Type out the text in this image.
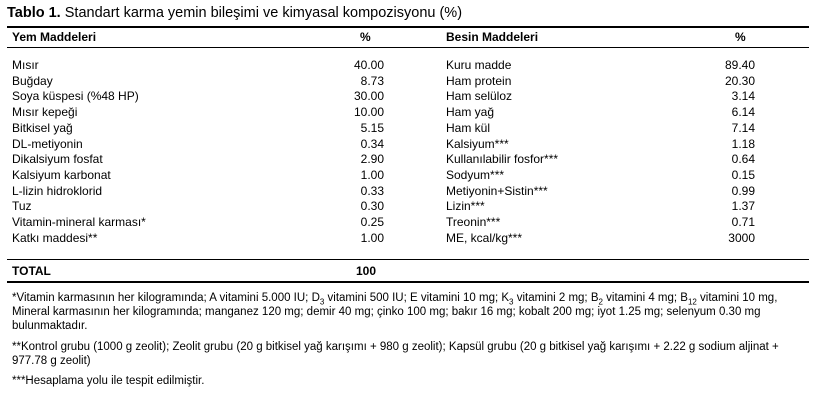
Tablo 1. Standart karma yemin bileşimi ve kimyasal kompozisyonu (%)
Yem Maddeleri	%	Besin Maddeleri	%
Mısır	40.00	Kuru madde	89.40
Buğday	8.73	Ham protein	20.30
Soya küspesi (%48 HP)	30.00	Ham selüloz	3.14
Mısır kepeği	10.00	Ham yağ	6.14
Bitkisel yağ	5.15	Ham kül	7.14
DL-metiyonin	0.34	Kalsiyum***	1.18
Dikalsiyum fosfat	2.90	Kullanılabilir fosfor***	0.64
Kalsiyum karbonat	1.00	Sodyum***	0.15
L-lizin hidroklorid	0.33	Metiyonin+Sistin***	0.99
Tuz	0.30	Lizin***	1.37
Vitamin-mineral karması*	0.25	Treonin***	0.71
Katkı maddesi**	1.00	ME, kcal/kg***	3000
TOTAL	100
*Vitamin karmasının her kilogramında; A vitamini 5.000 IU; $D_3$ vitamini 500 IU; E vitamini 10 mg; $K_3$ vitamini 2 mg; $B_2$ vitamini 4 mg; $B_{12}$ vitamini 10 mg, Mineral karmasının her kilogramında; manganez 120 mg; demir 40 mg; çinko 100 mg; bakır 16 mg; kobalt 200 mg; iyot 1.25 mg; selenyum 0.30 mg bulunmaktadır.
**Kontrol grubu (1000 g zeolit); Zeolit grubu (20 g bitkisel yağ karışımı + 980 g zeolit); Kapsül grubu (20 g bitkisel yağ karışımı + 2.22 g sodium aljinat + 977.78 g zeolit)
***Hesaplama yolu ile tespit edilmiştir.
